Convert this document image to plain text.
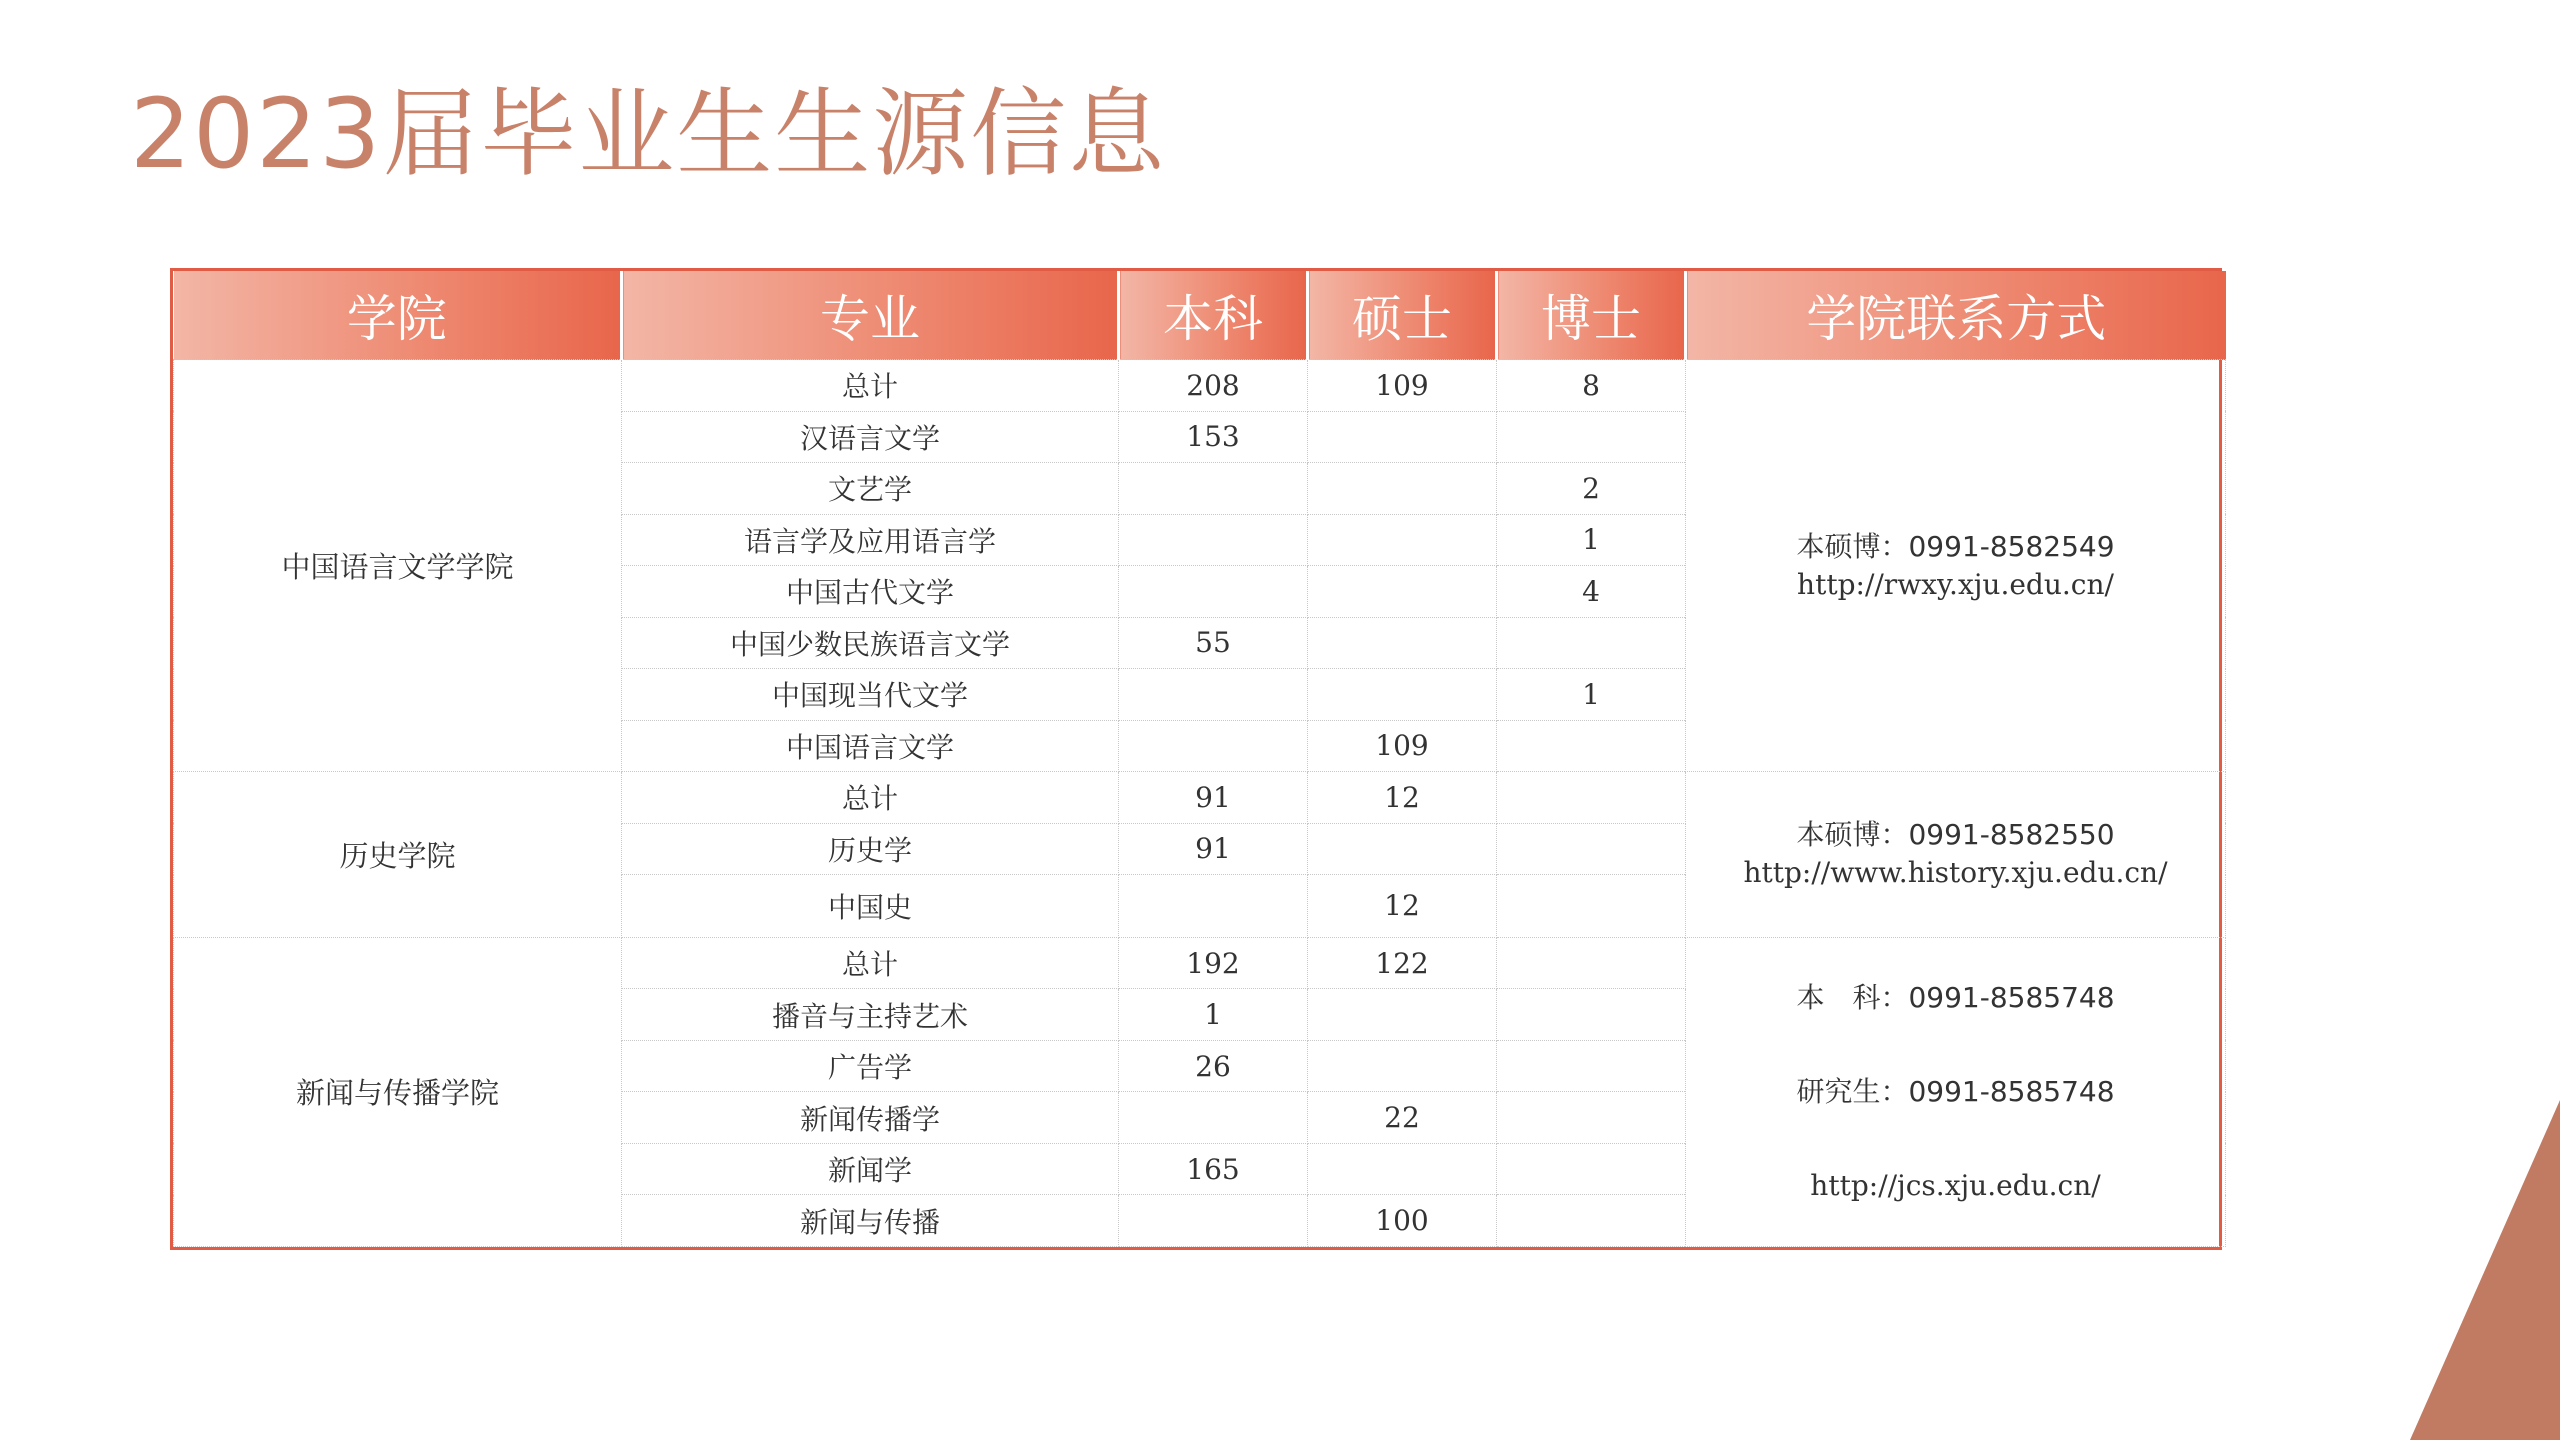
2023届毕业生生源信息
学院	专业	本科	硕士	博士	学院联系方式
中国语言文学学院	总计	208	109	8	本硕博：0991-8582549
http://rwxy.xju.edu.cn/

	汉语言文学	153			
	文艺学			2	
	语言学及应用语言学			1	
	中国古代文学			4	
	中国少数民族语言文学	55			
	中国现当代文学			1	
	中国语言文学		109		
历史学院	总计	91	12		本硕博：0991-8582550
http://www.history.xju.edu.cn/

	历史学	91			
	中国史		12		
新闻与传播学院	总计	192	122		本　科：0991-8585748
研究生：0991-8585748
http://jcs.xju.edu.cn/

	播音与主持艺术	1			
	广告学	26			
	新闻传播学		22		
	新闻学	165			
	新闻与传播		100		
